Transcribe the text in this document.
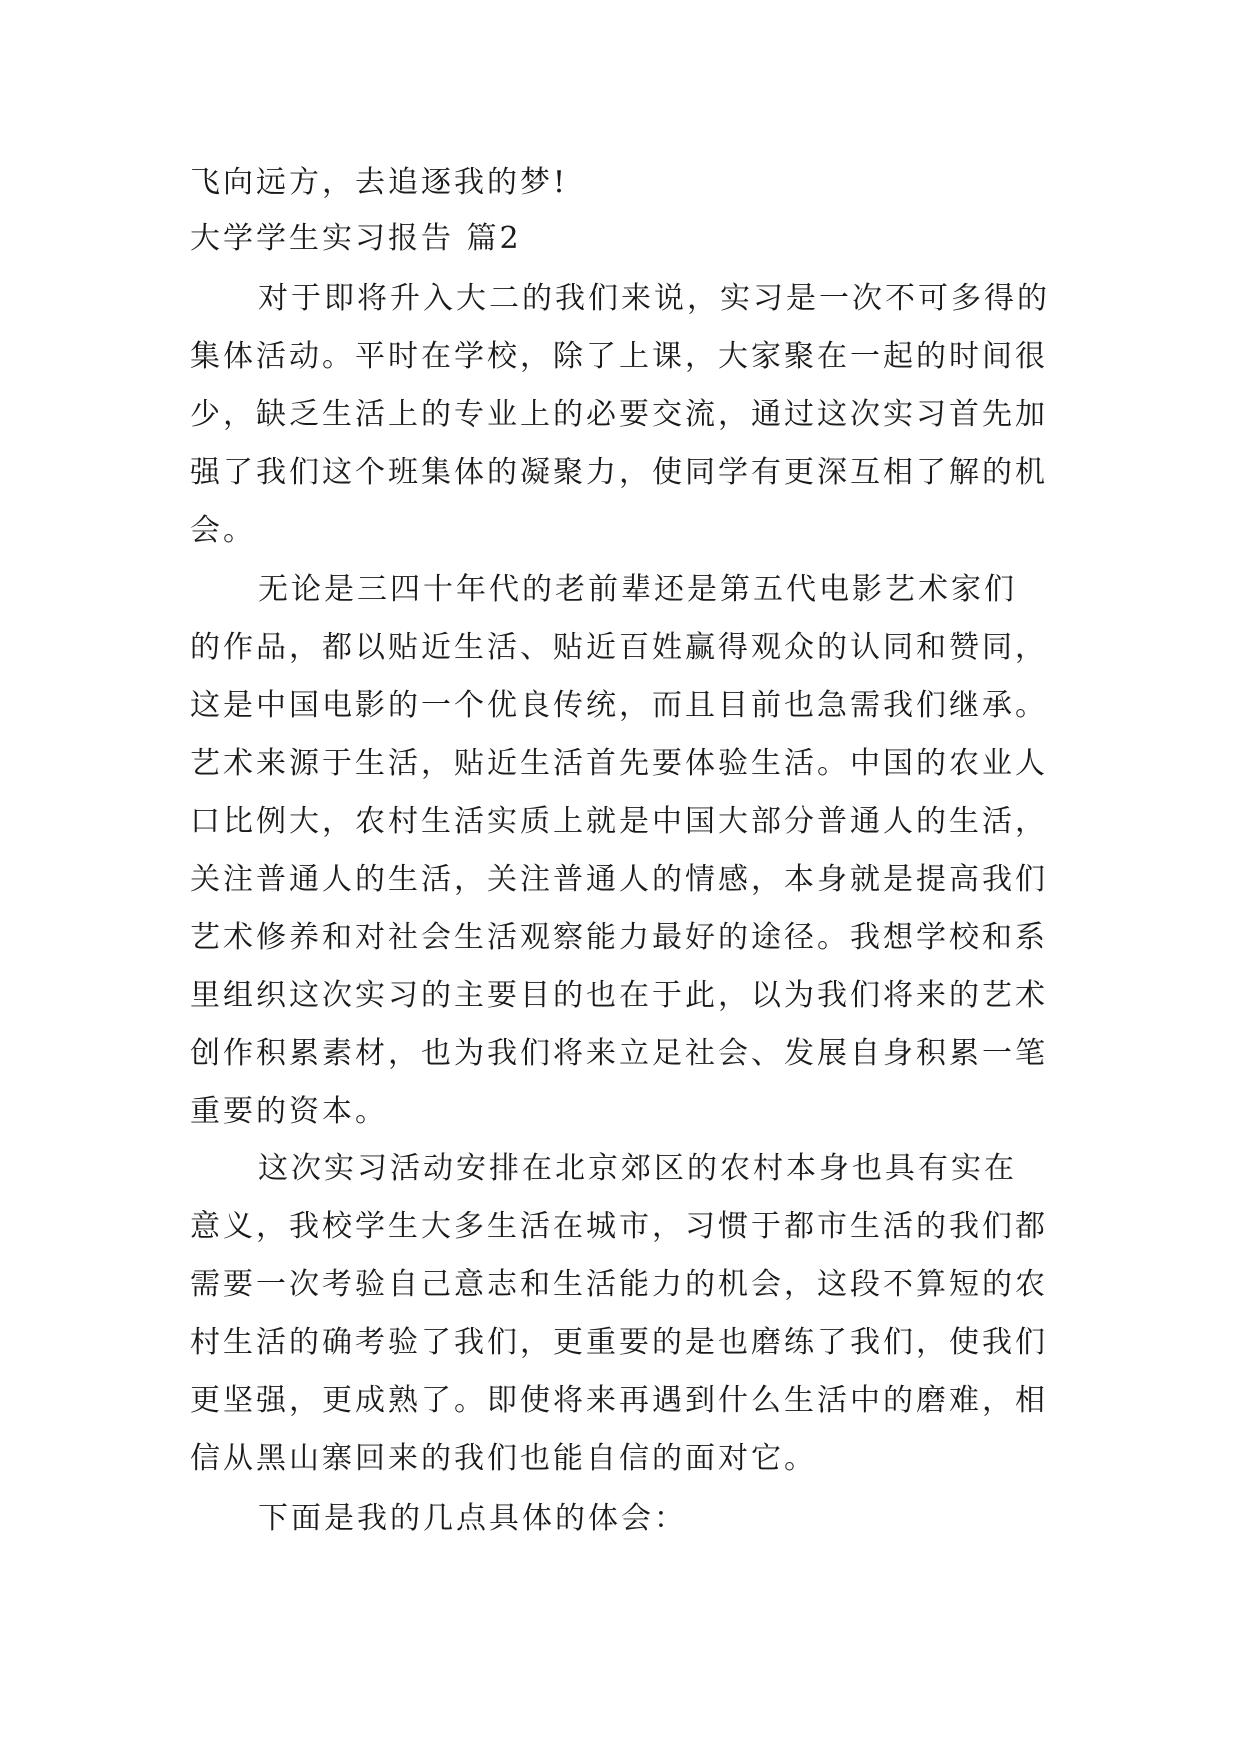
飞向远方，去追逐我的梦!
大学学生实习报告 篇2
对于即将升入大二的我们来说，实习是一次不可多得的
集体活动。平时在学校，除了上课，大家聚在一起的时间很
少，缺乏生活上的专业上的必要交流，通过这次实习首先加
强了我们这个班集体的凝聚力，使同学有更深互相了解的机
会。
无论是三四十年代的老前辈还是第五代电影艺术家们
的作品，都以贴近生活、贴近百姓赢得观众的认同和赞同，
这是中国电影的一个优良传统，而且目前也急需我们继承。
艺术来源于生活，贴近生活首先要体验生活。中国的农业人
口比例大，农村生活实质上就是中国大部分普通人的生活，
关注普通人的生活，关注普通人的情感，本身就是提高我们
艺术修养和对社会生活观察能力最好的途径。我想学校和系
里组织这次实习的主要目的也在于此，以为我们将来的艺术
创作积累素材，也为我们将来立足社会、发展自身积累一笔
重要的资本。
这次实习活动安排在北京郊区的农村本身也具有实在
意义，我校学生大多生活在城市，习惯于都市生活的我们都
需要一次考验自己意志和生活能力的机会，这段不算短的农
村生活的确考验了我们，更重要的是也磨练了我们，使我们
更坚强，更成熟了。即使将来再遇到什么生活中的磨难，相
信从黑山寨回来的我们也能自信的面对它。
下面是我的几点具体的体会：
